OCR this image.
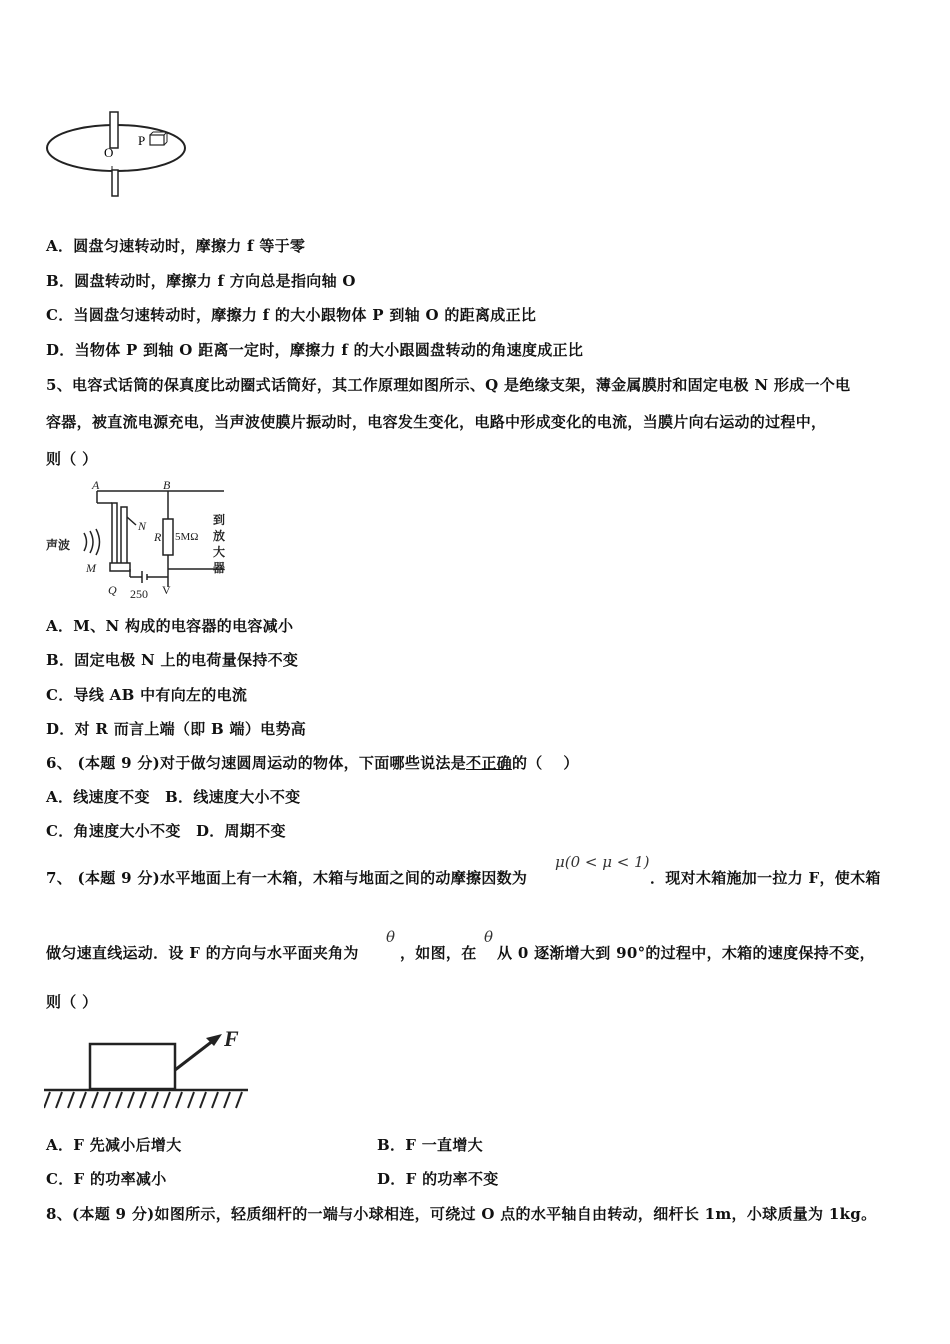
O
P
A．圆盘匀速转动时，摩擦力 f 等于零
B．圆盘转动时，摩擦力 f 方向总是指向轴 O
C．当圆盘匀速转动时，摩擦力 f 的大小跟物体 P 到轴 O 的距离成正比
D．当物体 P 到轴 O 距离一定时，摩擦力 f 的大小跟圆盘转动的角速度成正比
5、电容式话筒的保真度比动圈式话筒好，其工作原理如图所示、Q 是绝缘支架，薄金属膜肘和固定电极 N 形成一个电
容器，被直流电源充电，当声波使膜片振动时，电容发生变化，电路中形成变化的电流，当膜片向右运动的过程中，
则（ ）
A	B
N
R 5MΩ
到
放
大
器
声波
M
Q 250 V
A．M、N 构成的电容器的电容减小
B．固定电极 N 上的电荷量保持不变
C．导线 AB 中有向左的电流
D．对 R 而言上端（即 B 端）电势高
6、 (本题 9 分)对于做匀速圆周运动的物体，下面哪些说法是不正确的（　 ）
A．线速度不变　B．线速度大小不变
C．角速度大小不变　D．周期不变
7、 (本题 9 分)水平地面上有一木箱，木箱与地面之间的动摩擦因数为
μ(0 < μ < 1)
．现对木箱施加一拉力 F，使木箱
做匀速直线运动．设 F 的方向与水平面夹角为
θ
，如图，在
θ
从 0 逐渐增大到 90°的过程中，木箱的速度保持不变，
则（ ）
F
A．F 先减小后增大	B．F 一直增大
C．F 的功率减小	D．F 的功率不变
8、(本题 9 分)如图所示，轻质细杆的一端与小球相连，可绕过 O 点的水平轴自由转动，细杆长 1m，小球质量为 1kg。
